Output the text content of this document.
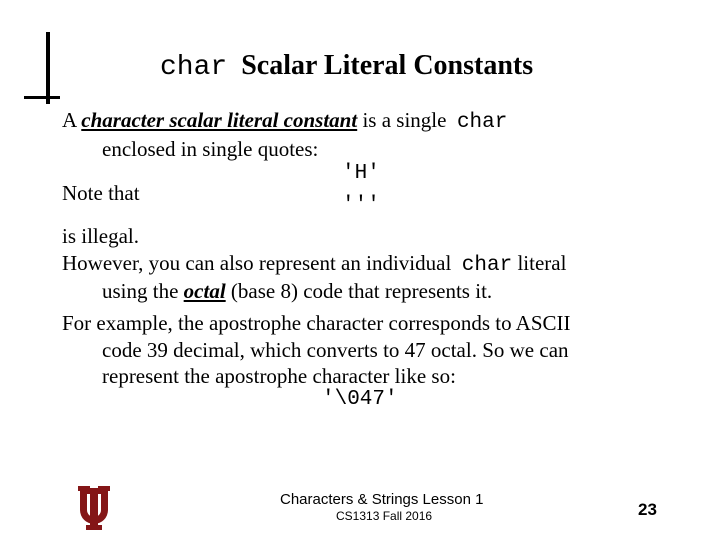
char Scalar Literal Constants
A character scalar literal constant is a single  char
enclosed in single quotes:
'H'
Note that
'''
is illegal.
However, you can also represent an individual  char literal
using the octal (base 8) code that represents it.
For example, the apostrophe character corresponds to ASCII
code 39 decimal, which converts to 47 octal. So we can
represent the apostrophe character like so:
'\047'
Characters & Strings Lesson 1
CS1313 Fall 2016	23
